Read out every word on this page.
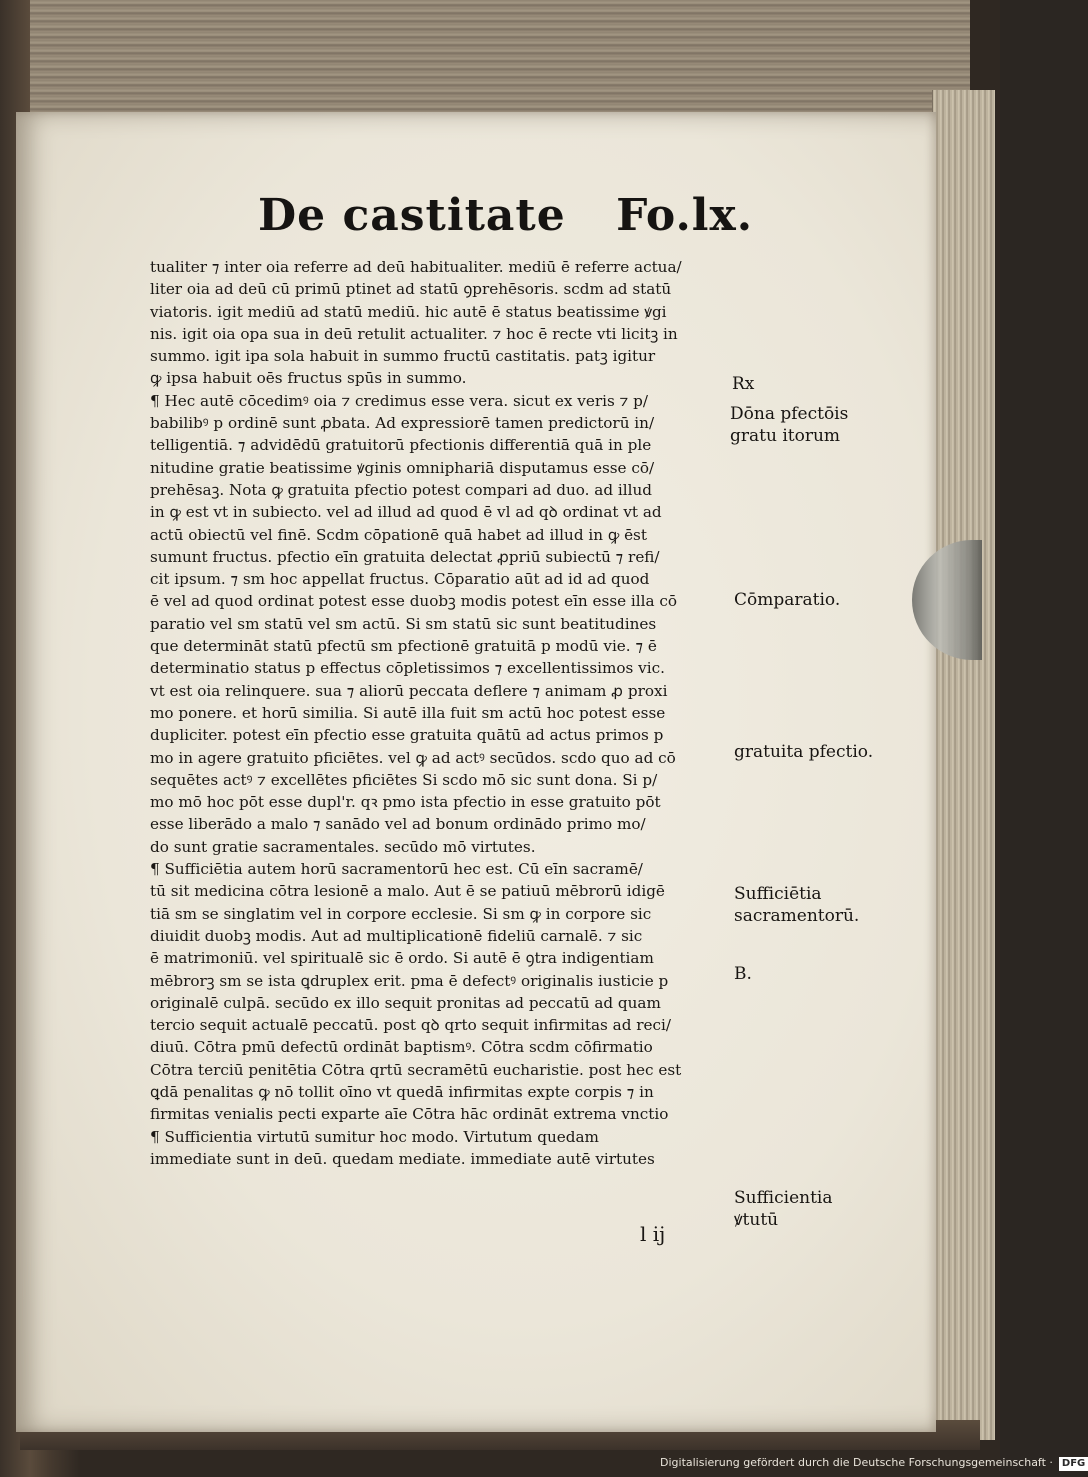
De castitate Fo.lx.
tualiter ⁊ inter oia referre ad deū habitualiter. mediū ē referre actua/
liter oia ad deū cū primū ptinet ad statū ꝯprehēsoris. scdm ad statū
viatoris. igit mediū ad statū mediū. hic autē ē status beatissime ꝟgi
nis. igit oia opa sua in deū retulit actualiter. ⁊ hoc ē recte vti licitꝫ in
summo. igit ipa sola habuit in summo fructū castitatis. patꝫ igitur
ꝙ ipsa habuit oēs fructus spūs in summo.
¶ Hec autē cōcedimꝰ oia ⁊ credimus esse vera. sicut ex veris ⁊ p/
babilibꝰ p ordinē sunt ꝓbata. Ad expressiorē tamen predictorū in/
telligentiā. ⁊ advidēdū gratuitorū pfectionis differentiā quā in ple
nitudine gratie beatissime ꝟginis omniphariā disputamus esse cō/
prehēsaꝫ. Nota ꝙ gratuita pfectio potest compari ad duo. ad illud
in ꝙ est vt in subiecto. vel ad illud ad quod ē vl ad qꝺ ordinat vt ad
actū obiectū vel finē. Scdm cōpationē quā habet ad illud in ꝙ ēst
sumunt fructus. pfectio eīn gratuita delectat ꝓpriū subiectū ⁊ refi/
cit ipsum. ⁊ sm hoc appellat fructus. Cōparatio aūt ad id ad quod
ē vel ad quod ordinat potest esse duobꝫ modis potest eīn esse illa cō
paratio vel sm statū vel sm actū. Si sm statū sic sunt beatitudines
que determināt statū pfectū sm pfectionē gratuitā p modū vie. ⁊ ē
determinatio status p effectus cōpletissimos ⁊ excellentissimos vic.
vt est oia relinquere. sua ⁊ aliorū peccata deflere ⁊ animam ꝓ proxi
mo ponere. et horū similia. Si autē illa fuit sm actū hoc potest esse
dupliciter. potest eīn pfectio esse gratuita quātū ad actus primos p
mo in agere gratuito pficiētes. vel ꝙ ad actꝰ secūdos. scdo quo ad cō
sequētes actꝰ ⁊ excellētes pficiētes Si scdo mō sic sunt dona. Si p/
mo mō hoc pōt esse dupl'r. qꝛ pmo ista pfectio in esse gratuito pōt
esse liberādo a malo ⁊ sanādo vel ad bonum ordinādo primo mo/
do sunt gratie sacramentales. secūdo mō virtutes.
¶ Sufficiētia autem horū sacramentorū hec est. Cū eīn sacramē/
tū sit medicina cōtra lesionē a malo. Aut ē se patiuū mēbrorū idigē
tiā sm se singlatim vel in corpore ecclesie. Si sm ꝙ in corpore sic
diuidit duobꝫ modis. Aut ad multiplicationē fideliū carnalē. ⁊ sic
ē matrimoniū. vel spiritualē sic ē ordo. Si autē ē ꝯtra indigentiam
mēbrorꝫ sm se ista ꝗdruplex erit. pma ē defectꝰ originalis iusticie p
originalē culpā. secūdo ex illo sequit pronitas ad peccatū ad quam
tercio sequit actualē peccatū. post qꝺ qrto sequit infirmitas ad reci/
diuū. Cōtra pmū defectū ordināt baptismꝰ. Cōtra scdm cōfirmatio
Cōtra terciū penitētia Cōtra qrtū secramētū eucharistie. post hec est
ꝗdā penalitas ꝙ nō tollit oīno vt quedā infirmitas expte corpis ⁊ in
firmitas venialis pecti exparte aīe Cōtra hāc ordināt extrema vnctio
¶ Sufficientia virtutū sumitur hoc modo. Virtutum quedam
immediate sunt in deū. quedam mediate. immediate autē virtutes
Rx
Dōna pfectōis
gratu itorum
Cōmparatio.
gratuita pfectio.
Sufficiētia
sacramentorū.
B.
Sufficientia
ꝟtutū
l ij
Digitalisierung gefördert durch die Deutsche Forschungsgemeinschaft · DFG
